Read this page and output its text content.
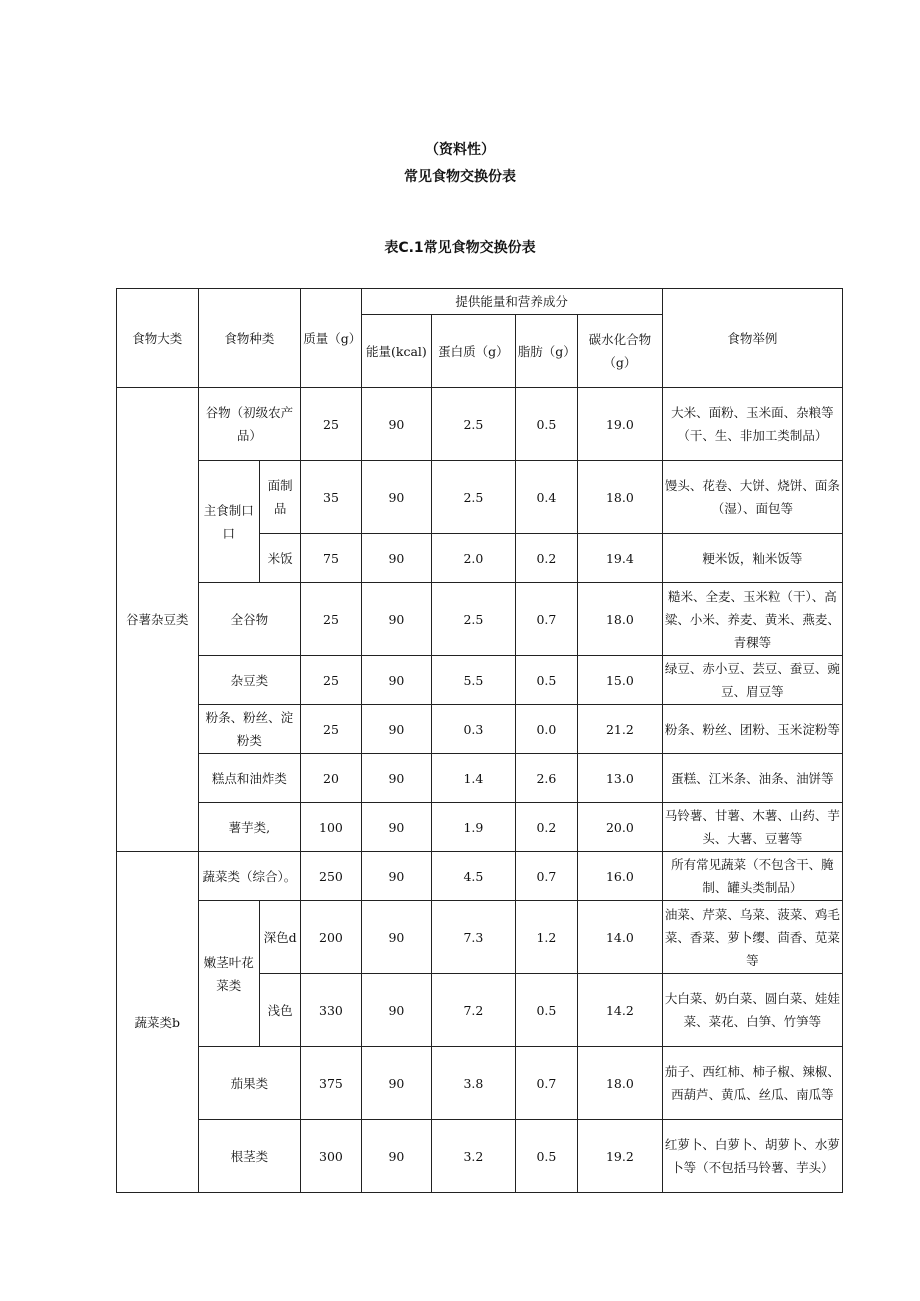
（资料性）
常见食物交换份表
表C.1常见食物交换份表
食物大类	食物种类		质量（g）	提供能量和营养成分				食物举例
				能量(kcal)	蛋白质（g）	脂肪（g）	碳水化合物（g）	
谷薯杂豆类	谷物（初级农产品）		25	90	2.5	0.5	19.0	大米、面粉、玉米面、杂粮等（干、生、非加工类制品）
	主食制口口	面制品	35	90	2.5	0.4	18.0	馒头、花卷、大饼、烧饼、面条（湿）、面包等
		米饭	75	90	2.0	0.2	19.4	粳米饭，籼米饭等
	全谷物		25	90	2.5	0.7	18.0	糙米、全麦、玉米粒（干）、高粱、小米、养麦、黄米、燕麦、青稞等
	杂豆类		25	90	5.5	0.5	15.0	绿豆、赤小豆、芸豆、蚕豆、豌豆、眉豆等
	粉条、粉丝、淀粉类		25	90	0.3	0.0	21.2	粉条、粉丝、团粉、玉米淀粉等
	糕点和油炸类		20	90	1.4	2.6	13.0	蛋糕、江米条、油条、油饼等
	薯芋类,		100	90	1.9	0.2	20.0	马铃薯、甘薯、木薯、山药、芋头、大薯、豆薯等
蔬菜类b	蔬菜类（综合）。		250	90	4.5	0.7	16.0	所有常见蔬菜（不包含干、腌制、罐头类制品）
	嫩茎叶花菜类	深色d	200	90	7.3	1.2	14.0	油菜、芹菜、乌菜、菠菜、鸡毛菜、香菜、萝卜缨、茴香、苋菜等
		浅色	330	90	7.2	0.5	14.2	大白菜、奶白菜、圆白菜、娃娃菜、菜花、白笋、竹笋等
	茄果类		375	90	3.8	0.7	18.0	茄子、西红柿、柿子椒、辣椒、西葫芦、黄瓜、丝瓜、南瓜等
	根茎类		300	90	3.2	0.5	19.2	红萝卜、白萝卜、胡萝卜、水萝卜等（不包括马铃薯、芋头）
